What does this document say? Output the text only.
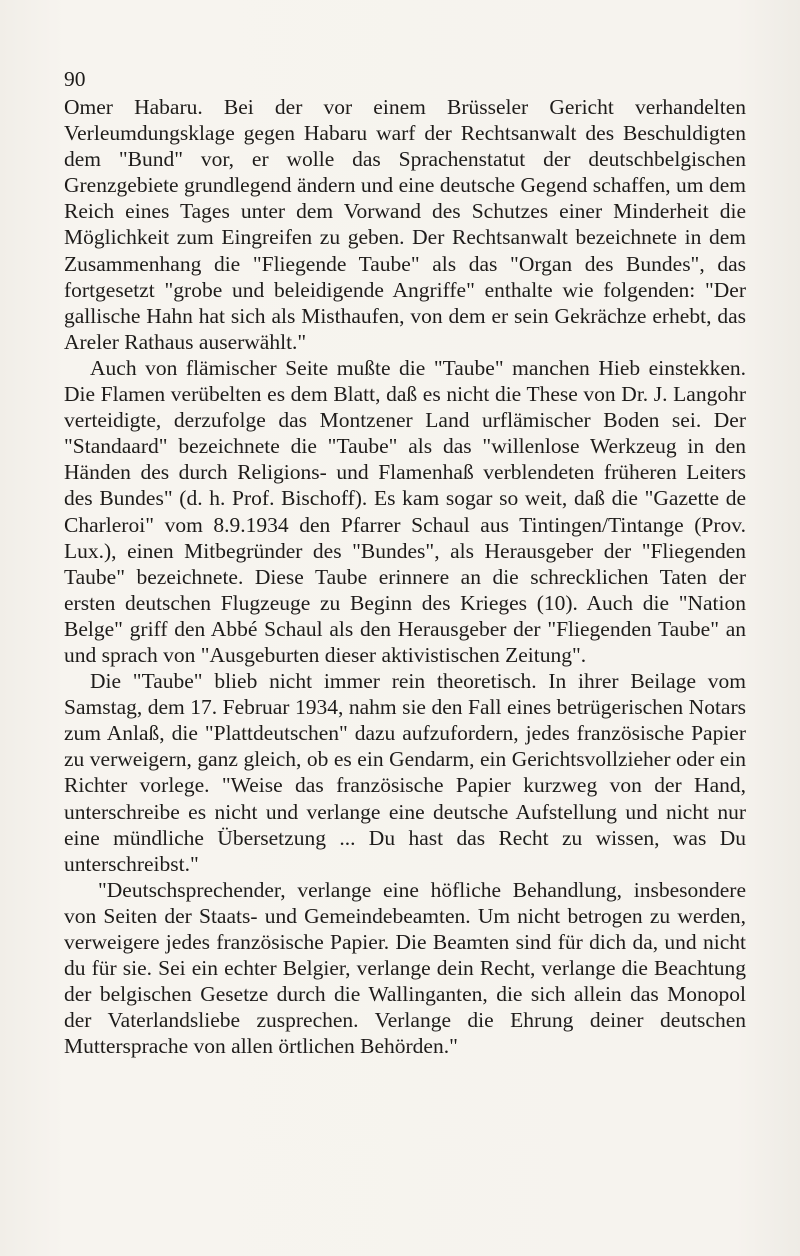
90

Omer Habaru. Bei der vor einem Brüsseler Gericht verhandelten Verleumdungsklage gegen Habaru warf der Rechtsanwalt des Beschuldigten dem "Bund" vor, er wolle das Sprachenstatut der deutschbelgischen Grenzgebiete grundlegend ändern und eine deutsche Gegend schaffen, um dem Reich eines Tages unter dem Vorwand des Schutzes einer Minderheit die Möglichkeit zum Eingreifen zu geben. Der Rechtsanwalt bezeichnete in dem Zusammenhang die "Fliegende Taube" als das "Organ des Bundes", das fortgesetzt "grobe und beleidigende Angriffe" enthalte wie folgenden: "Der gallische Hahn hat sich als Misthaufen, von dem er sein Gekrächze erhebt, das Areler Rathaus auserwählt."

Auch von flämischer Seite mußte die "Taube" manchen Hieb einstekken. Die Flamen verübelten es dem Blatt, daß es nicht die These von Dr. J. Langohr verteidigte, derzufolge das Montzener Land urflämischer Boden sei. Der "Standaard" bezeichnete die "Taube" als das "willenlose Werkzeug in den Händen des durch Religions- und Flamenhaß verblendeten früheren Leiters des Bundes" (d. h. Prof. Bischoff). Es kam sogar so weit, daß die "Gazette de Charleroi" vom 8.9.1934 den Pfarrer Schaul aus Tintingen/Tintange (Prov. Lux.), einen Mitbegründer des "Bundes", als Herausgeber der "Fliegenden Taube" bezeichnete. Diese Taube erinnere an die schrecklichen Taten der ersten deutschen Flugzeuge zu Beginn des Krieges (10). Auch die "Nation Belge" griff den Abbé Schaul als den Herausgeber der "Fliegenden Taube" an und sprach von "Ausgeburten dieser aktivistischen Zeitung".

Die "Taube" blieb nicht immer rein theoretisch. In ihrer Beilage vom Samstag, dem 17. Februar 1934, nahm sie den Fall eines betrügerischen Notars zum Anlaß, die "Plattdeutschen" dazu aufzufordern, jedes französische Papier zu verweigern, ganz gleich, ob es ein Gendarm, ein Gerichtsvollzieher oder ein Richter vorlege. "Weise das französische Papier kurzweg von der Hand, unterschreibe es nicht und verlange eine deutsche Aufstellung und nicht nur eine mündliche Übersetzung ... Du hast das Recht zu wissen, was Du unterschreibst."

"Deutschsprechender, verlange eine höfliche Behandlung, insbesondere von Seiten der Staats- und Gemeindebeamten. Um nicht betrogen zu werden, verweigere jedes französische Papier. Die Beamten sind für dich da, und nicht du für sie. Sei ein echter Belgier, verlange dein Recht, verlange die Beachtung der belgischen Gesetze durch die Wallinganten, die sich allein das Monopol der Vaterlandsliebe zusprechen. Verlange die Ehrung deiner deutschen Muttersprache von allen örtlichen Behörden."
